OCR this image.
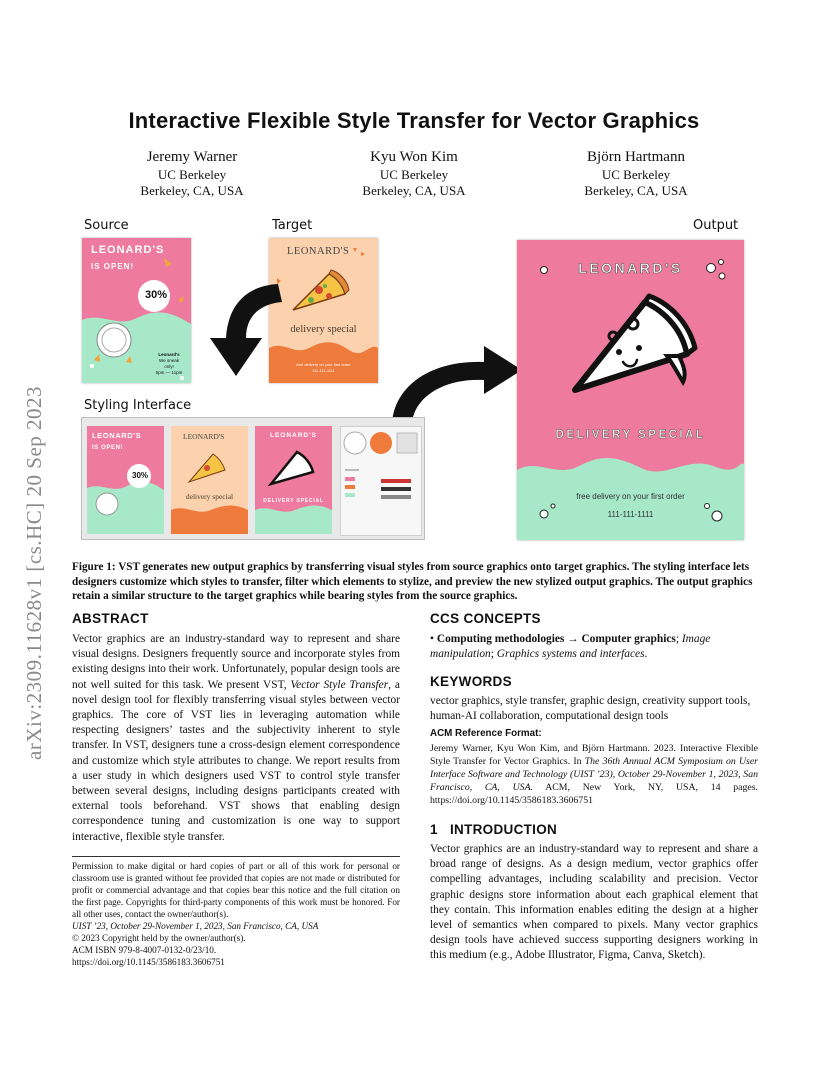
arXiv:2309.11628v1 [cs.HC] 20 Sep 2023
Interactive Flexible Style Transfer for Vector Graphics
Jeremy Warner
UC Berkeley
Berkeley, CA, USA
Kyu Won Kim
UC Berkeley
Berkeley, CA, USA
Björn Hartmann
UC Berkeley
Berkeley, CA, USA
Source	Target	Output
Styling Interface
LEONARD'S
IS OPEN!
30%
Leonard's
We sneak only!
5pm — 11pm
LEONARD'S
delivery special
free delivery on your first order
111-111-1111
LEONARD'S
DELIVERY SPECIAL
free delivery on your first order
111-111-1111
LEONARD'S
IS OPEN!
30%
LEONARD'S
delivery special
LEONARD'S
DELIVERY SPECIAL
Figure 1: VST generates new output graphics by transferring visual styles from source graphics onto target graphics. The styling interface lets designers customize which styles to transfer, filter which elements to stylize, and preview the new stylized output graphics. The output graphics retain a similar structure to the target graphics while bearing styles from the source graphics.
ABSTRACT
Vector graphics are an industry-standard way to represent and share visual designs. Designers frequently source and incorporate styles from existing designs into their work. Unfortunately, popular design tools are not well suited for this task. We present VST, Vector Style Transfer, a novel design tool for flexibly transferring visual styles between vector graphics. The core of VST lies in leveraging automation while respecting designers’ tastes and the subjectivity inherent to style transfer. In VST, designers tune a cross-design element correspondence and customize which style attributes to change. We report results from a user study in which designers used VST to control style transfer between several designs, including designs participants created with external tools beforehand. VST shows that enabling design correspondence tuning and customization is one way to support interactive, flexible style transfer.
Permission to make digital or hard copies of part or all of this work for personal or classroom use is granted without fee provided that copies are not made or distributed for profit or commercial advantage and that copies bear this notice and the full citation on the first page. Copyrights for third-party components of this work must be honored. For all other uses, contact the owner/author(s).
UIST ’23, October 29-November 1, 2023, San Francisco, CA, USA
© 2023 Copyright held by the owner/author(s).
ACM ISBN 979-8-4007-0132-0/23/10.
https://doi.org/10.1145/3586183.3606751
CCS CONCEPTS
• Computing methodologies → Computer graphics; Image manipulation; Graphics systems and interfaces.
KEYWORDS
vector graphics, style transfer, graphic design, creativity support tools, human-AI collaboration, computational design tools
ACM Reference Format:
Jeremy Warner, Kyu Won Kim, and Björn Hartmann. 2023. Interactive Flexible Style Transfer for Vector Graphics. In The 36th Annual ACM Symposium on User Interface Software and Technology (UIST ’23), October 29-November 1, 2023, San Francisco, CA, USA. ACM, New York, NY, USA, 14 pages. https://doi.org/10.1145/3586183.3606751
1 INTRODUCTION
Vector graphics are an industry-standard way to represent and share a broad range of designs. As a design medium, vector graphics offer compelling advantages, including scalability and precision. Vector graphic designs store information about each graphical element that they contain. This information enables editing the design at a higher level of semantics when compared to pixels. Many vector graphics design tools have achieved success supporting designers working in this medium (e.g., Adobe Illustrator, Figma, Canva, Sketch).
